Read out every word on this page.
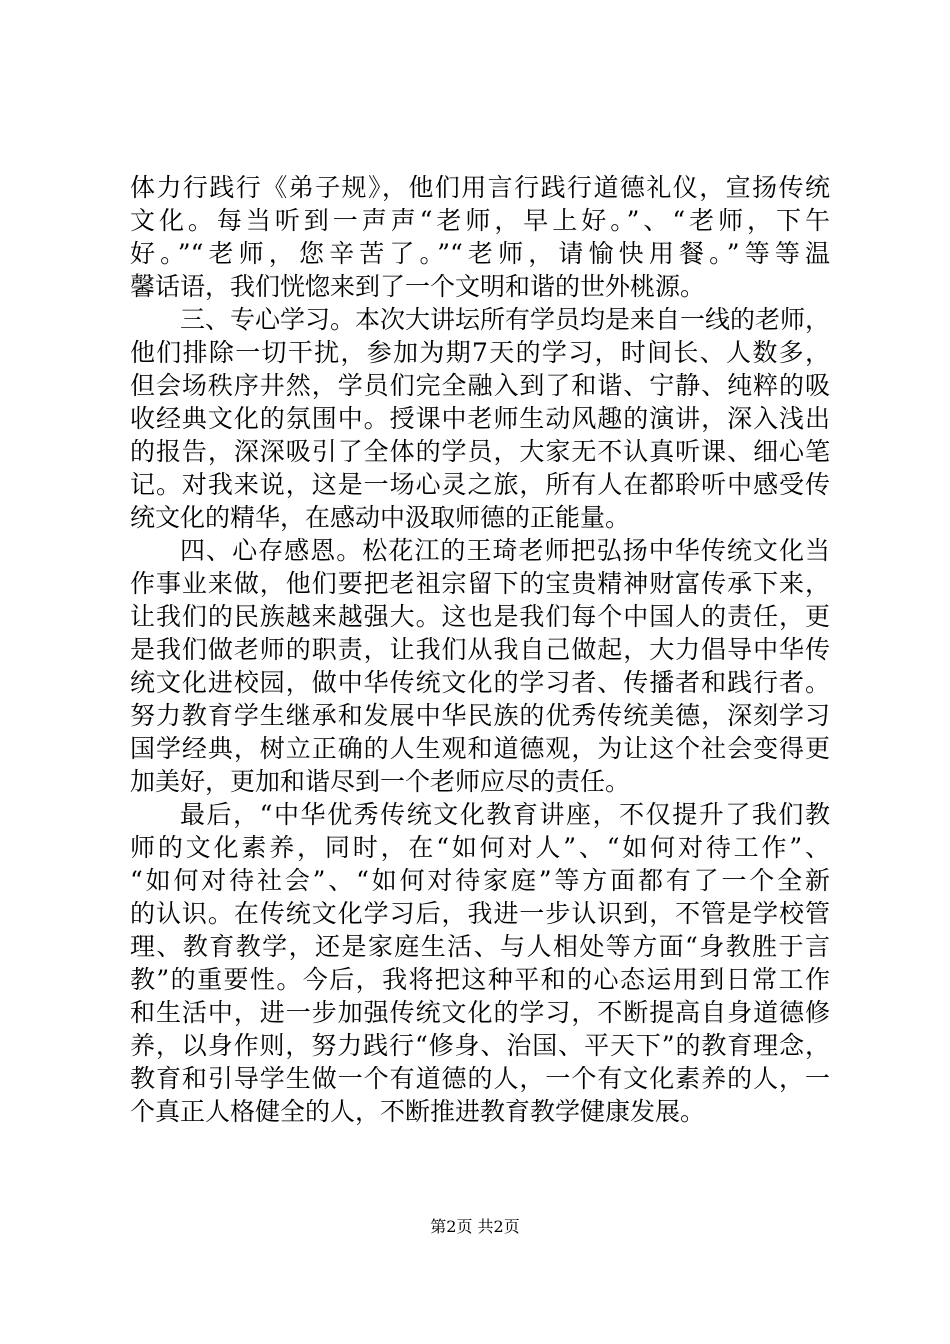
体力行践行《弟子规》，他们用言行践行道德礼仪，宣扬传统
文化。每当听到一声声“老师，早上好。”、“老师，下午
好。”“老师，您辛苦了。”“老师，请愉快用餐。”等等温
馨话语，我们恍惚来到了一个文明和谐的世外桃源。
三、专心学习。本次大讲坛所有学员均是来自一线的老师，
他们排除一切干扰，参加为期7天的学习，时间长、人数多，
但会场秩序井然，学员们完全融入到了和谐、宁静、纯粹的吸
收经典文化的氛围中。授课中老师生动风趣的演讲，深入浅出
的报告，深深吸引了全体的学员，大家无不认真听课、细心笔
记。对我来说，这是一场心灵之旅，所有人在都聆听中感受传
统文化的精华，在感动中汲取师德的正能量。
四、心存感恩。松花江的王琦老师把弘扬中华传统文化当
作事业来做，他们要把老祖宗留下的宝贵精神财富传承下来，
让我们的民族越来越强大。这也是我们每个中国人的责任，更
是我们做老师的职责，让我们从我自己做起，大力倡导中华传
统文化进校园，做中华传统文化的学习者、传播者和践行者。
努力教育学生继承和发展中华民族的优秀传统美德，深刻学习
国学经典，树立正确的人生观和道德观，为让这个社会变得更
加美好，更加和谐尽到一个老师应尽的责任。
最后，“中华优秀传统文化教育讲座，不仅提升了我们教
师的文化素养，同时，在“如何对人”、“如何对待工作”、
“如何对待社会”、“如何对待家庭”等方面都有了一个全新
的认识。在传统文化学习后，我进一步认识到，不管是学校管
理、教育教学，还是家庭生活、与人相处等方面“身教胜于言
教”的重要性。今后，我将把这种平和的心态运用到日常工作
和生活中，进一步加强传统文化的学习，不断提高自身道德修
养，以身作则，努力践行“修身、治国、平天下”的教育理念，
教育和引导学生做一个有道德的人，一个有文化素养的人，一
个真正人格健全的人，不断推进教育教学健康发展。
第2页 共2页
